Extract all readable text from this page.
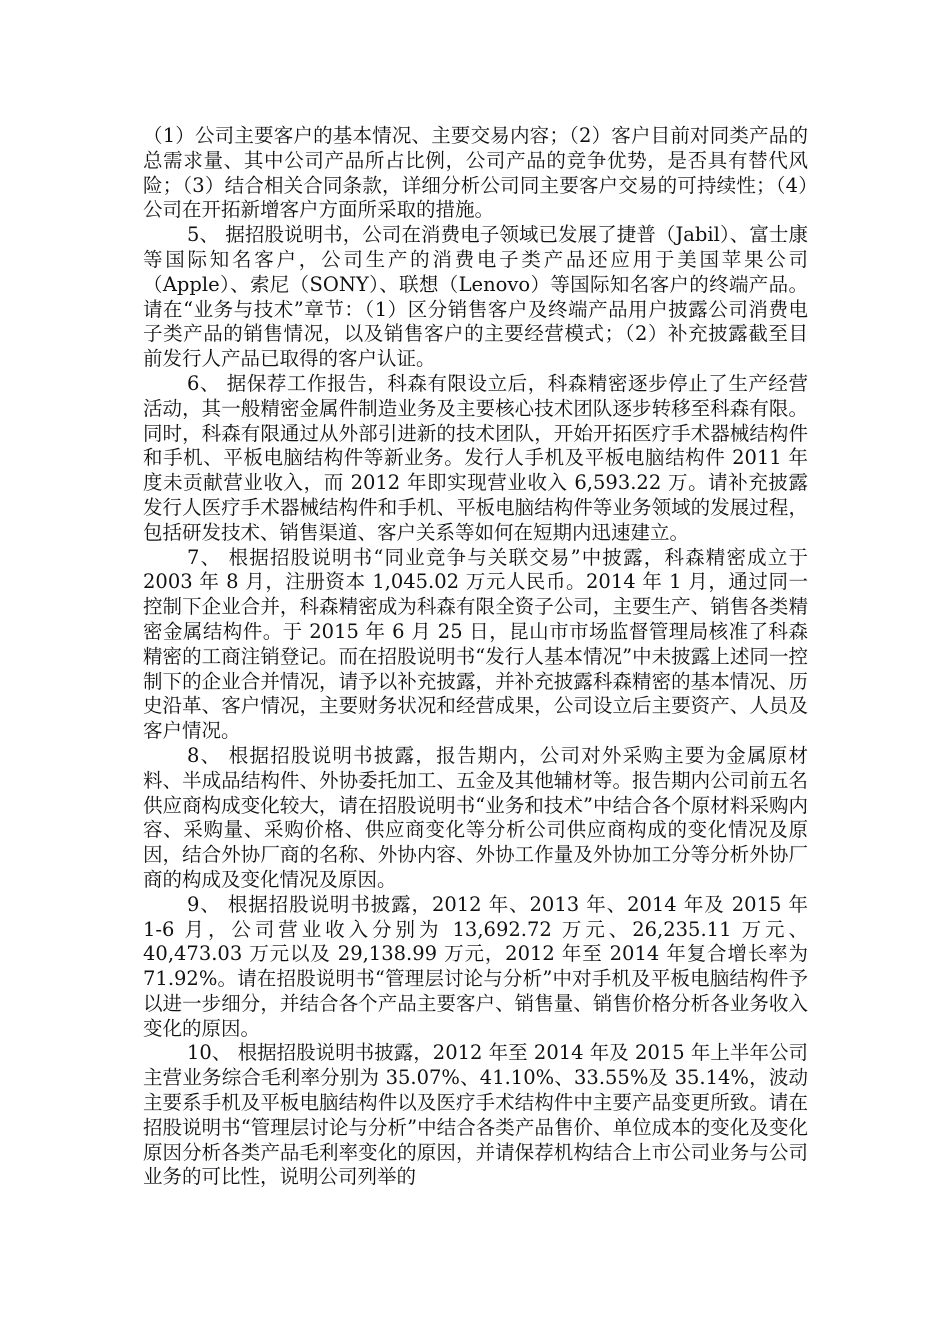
（1）公司主要客户的基本情况、主要交易内容；（2）客户目前对同类产品的总需求量、其中公司产品所占比例，公司产品的竞争优势，是否具有替代风险；（3）结合相关合同条款，详细分析公司同主要客户交易的可持续性；（4）公司在开拓新增客户方面所采取的措施。

5、 据招股说明书，公司在消费电子领域已发展了捷普（Jabil）、富士康等国际知名客户，公司生产的消费电子类产品还应用于美国苹果公司（Apple）、索尼（SONY）、联想（Lenovo）等国际知名客户的终端产品。请在“业务与技术”章节：（1）区分销售客户及终端产品用户披露公司消费电子类产品的销售情况，以及销售客户的主要经营模式；（2）补充披露截至目前发行人产品已取得的客户认证。

6、 据保荐工作报告，科森有限设立后，科森精密逐步停止了生产经营活动，其一般精密金属件制造业务及主要核心技术团队逐步转移至科森有限。同时，科森有限通过从外部引进新的技术团队，开始开拓医疗手术器械结构件和手机、平板电脑结构件等新业务。发行人手机及平板电脑结构件 2011 年度未贡献营业收入，而 2012 年即实现营业收入 6,593.22 万。请补充披露发行人医疗手术器械结构件和手机、平板电脑结构件等业务领域的发展过程，包括研发技术、销售渠道、客户关系等如何在短期内迅速建立。

7、 根据招股说明书“同业竞争与关联交易”中披露，科森精密成立于 2003 年 8 月，注册资本 1,045.02 万元人民币。2014 年 1 月，通过同一控制下企业合并，科森精密成为科森有限全资子公司，主要生产、销售各类精密金属结构件。于 2015 年 6 月 25 日，昆山市市场监督管理局核准了科森精密的工商注销登记。而在招股说明书“发行人基本情况”中未披露上述同一控制下的企业合并情况，请予以补充披露，并补充披露科森精密的基本情况、历史沿革、客户情况，主要财务状况和经营成果，公司设立后主要资产、人员及客户情况。

8、 根据招股说明书披露，报告期内，公司对外采购主要为金属原材料、半成品结构件、外协委托加工、五金及其他辅材等。报告期内公司前五名供应商构成变化较大，请在招股说明书“业务和技术”中结合各个原材料采购内容、采购量、采购价格、供应商变化等分析公司供应商构成的变化情况及原因，结合外协厂商的名称、外协内容、外协工作量及外协加工分等分析外协厂商的构成及变化情况及原因。

9、 根据招股说明书披露，2012 年、2013 年、2014 年及 2015 年 1-6 月，公司营业收入分别为 13,692.72 万元、26,235.11 万元、40,473.03 万元以及 29,138.99 万元，2012 年至 2014 年复合增长率为 71.92%。请在招股说明书“管理层讨论与分析”中对手机及平板电脑结构件予以进一步细分，并结合各个产品主要客户、销售量、销售价格分析各业务收入变化的原因。

10、 根据招股说明书披露，2012 年至 2014 年及 2015 年上半年公司主营业务综合毛利率分别为 35.07%、41.10%、33.55%及 35.14%，波动主要系手机及平板电脑结构件以及医疗手术结构件中主要产品变更所致。请在招股说明书“管理层讨论与分析”中结合各类产品售价、单位成本的变化及变化原因分析各类产品毛利率变化的原因，并请保荐机构结合上市公司业务与公司业务的可比性，说明公司列举的
